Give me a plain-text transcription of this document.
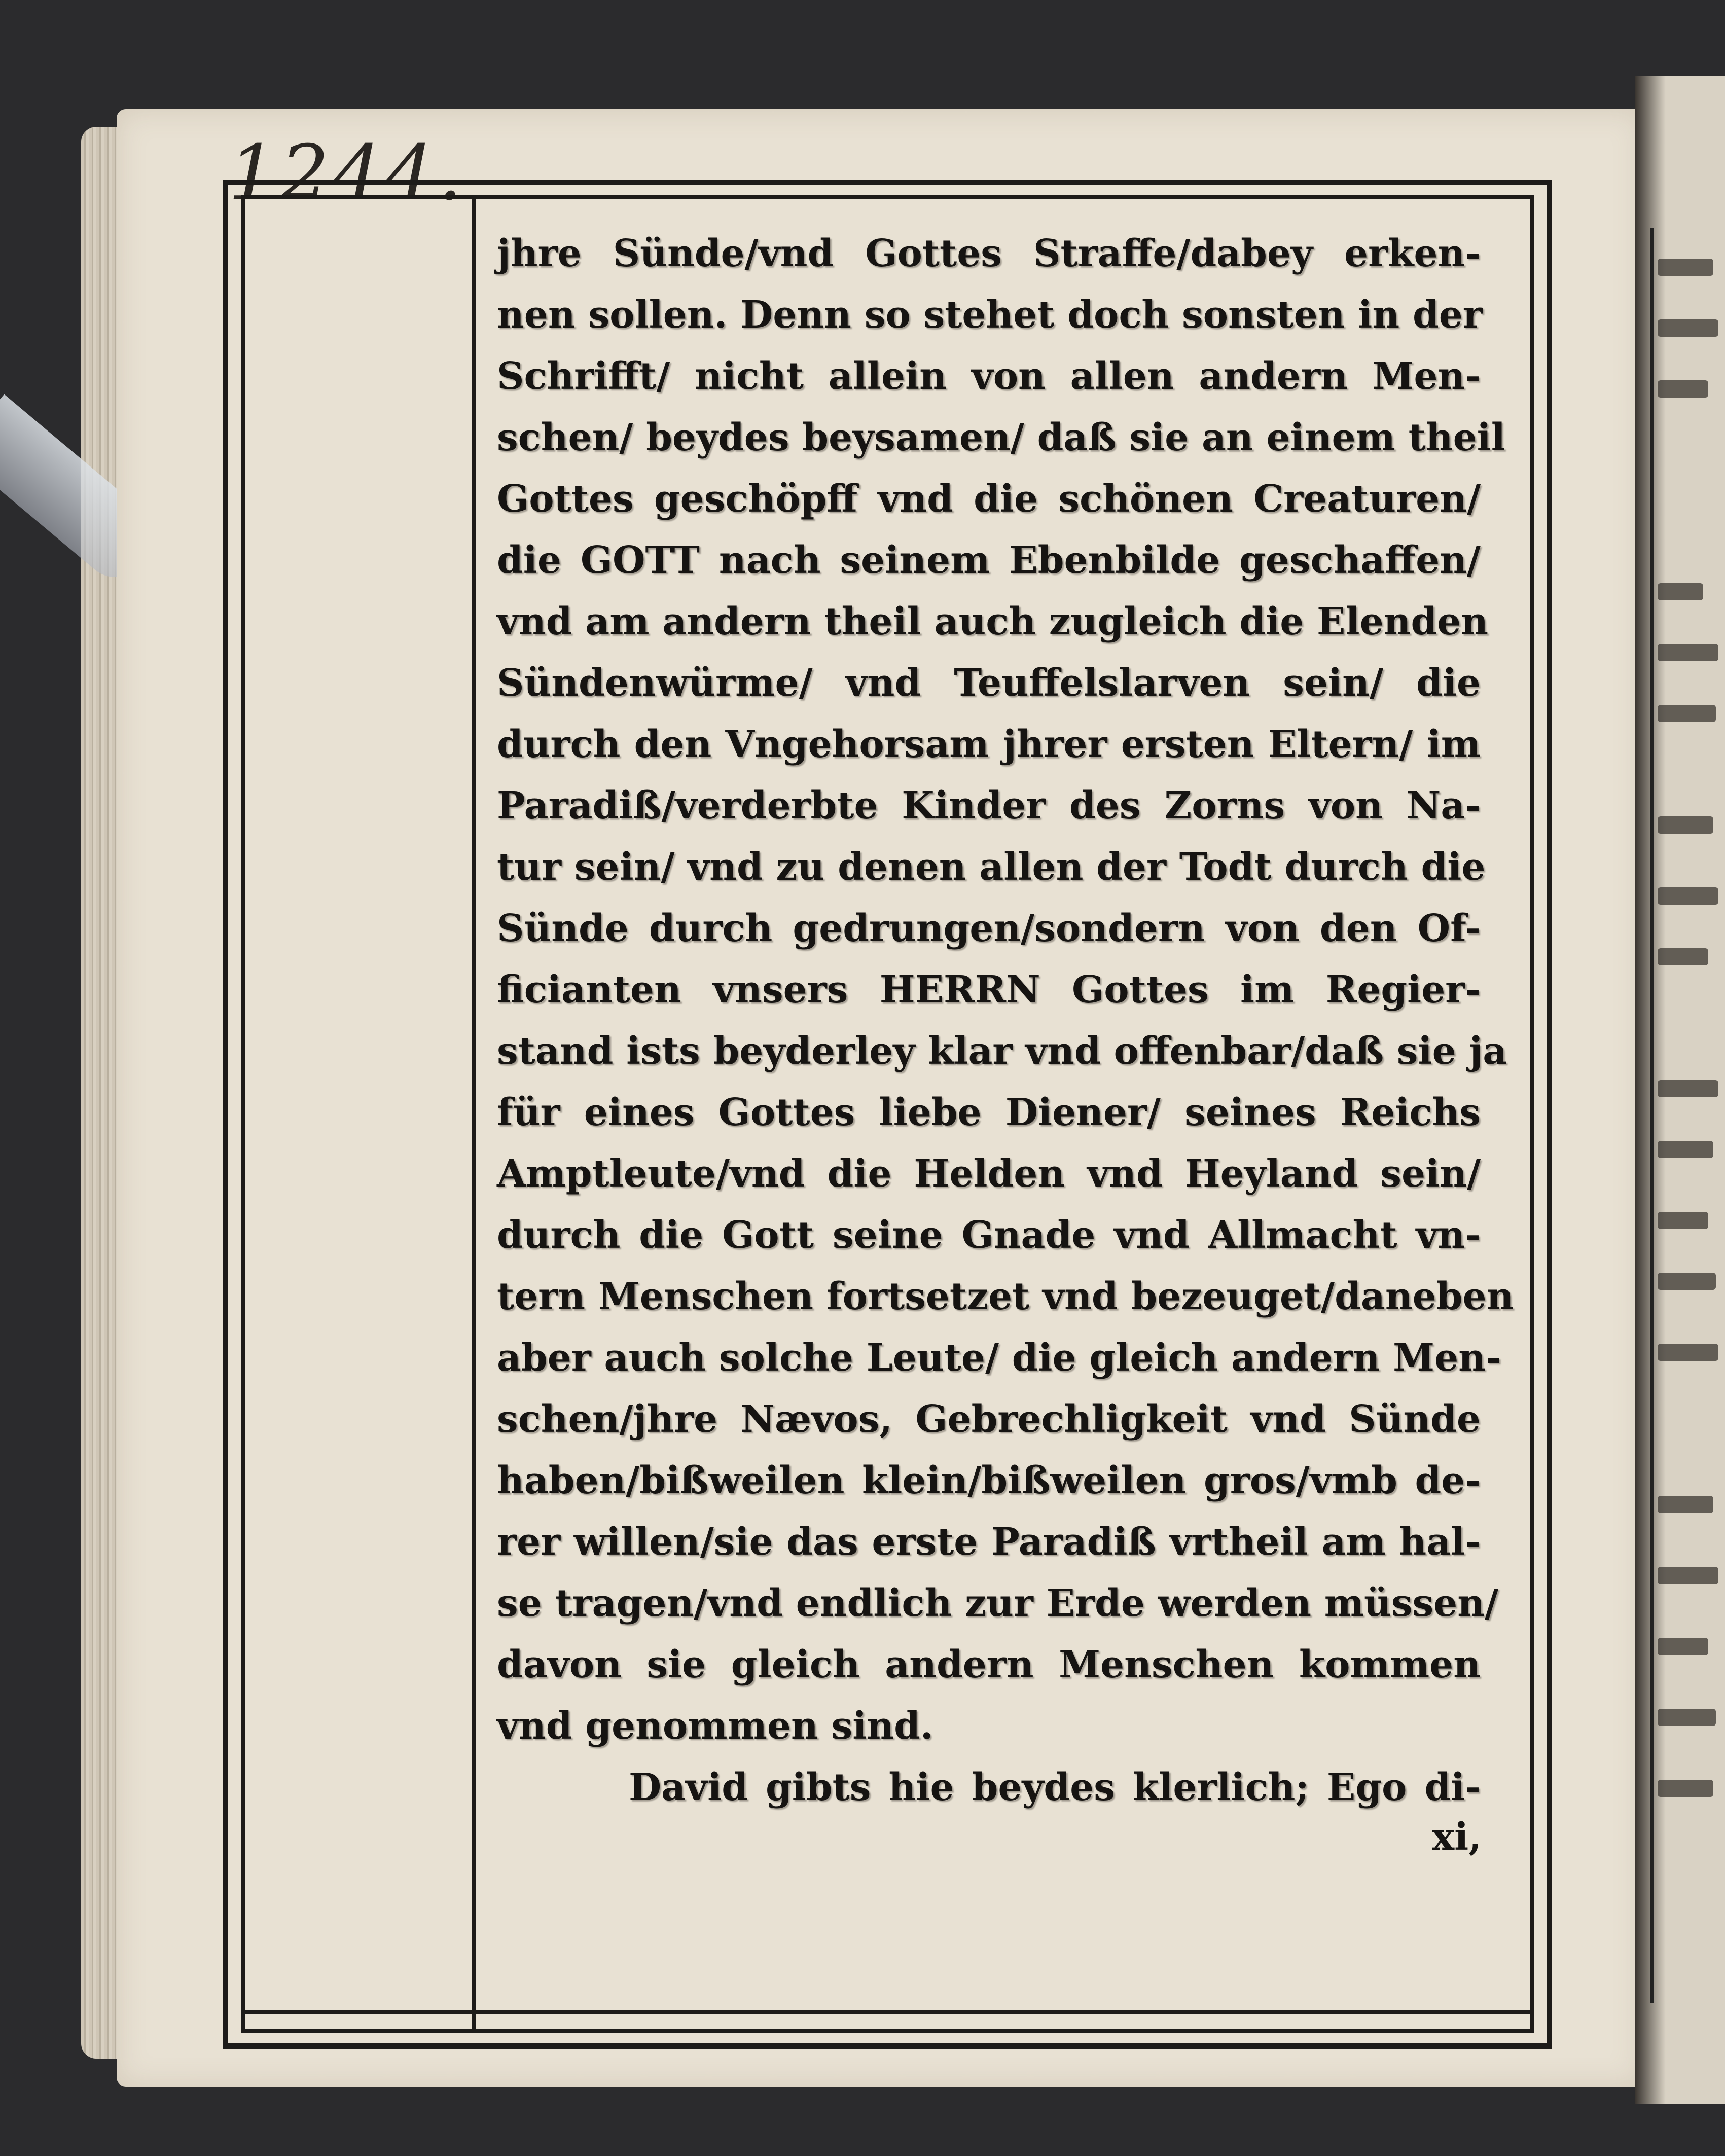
1244.
jhre Sünde/vnd Gottes Straffe/dabey erken-
nen sollen. Denn so stehet doch sonsten in der
Schrifft/ nicht allein von allen andern Men-
schen/ beydes beysamen/ daß sie an einem theil
Gottes geschöpff vnd die schönen Creaturen/
die GOTT nach seinem Ebenbilde geschaffen/
vnd am andern theil auch zugleich die Elenden
Sündenwürme/ vnd Teuffelslarven sein/ die
durch den Vngehorsam jhrer ersten Eltern/ im
Paradiß/verderbte Kinder des Zorns von Na-
tur sein/ vnd zu denen allen der Todt durch die
Sünde durch gedrungen/sondern von den Of-
ficianten vnsers HERRN Gottes im Regier-
stand ists beyderley klar vnd offenbar/daß sie ja
für eines Gottes liebe Diener/ seines Reichs
Amptleute/vnd die Helden vnd Heyland sein/
durch die Gott seine Gnade vnd Allmacht vn-
tern Menschen fortsetzet vnd bezeuget/daneben
aber auch solche Leute/ die gleich andern Men-
schen/jhre Nævos, Gebrechligkeit vnd Sünde
haben/bißweilen klein/bißweilen gros/vmb de-
rer willen/sie das erste Paradiß vrtheil am hal-
se tragen/vnd endlich zur Erde werden müssen/
davon sie gleich andern Menschen kommen
vnd genommen sind.
David gibts hie beydes klerlich; Ego di-
xi,
